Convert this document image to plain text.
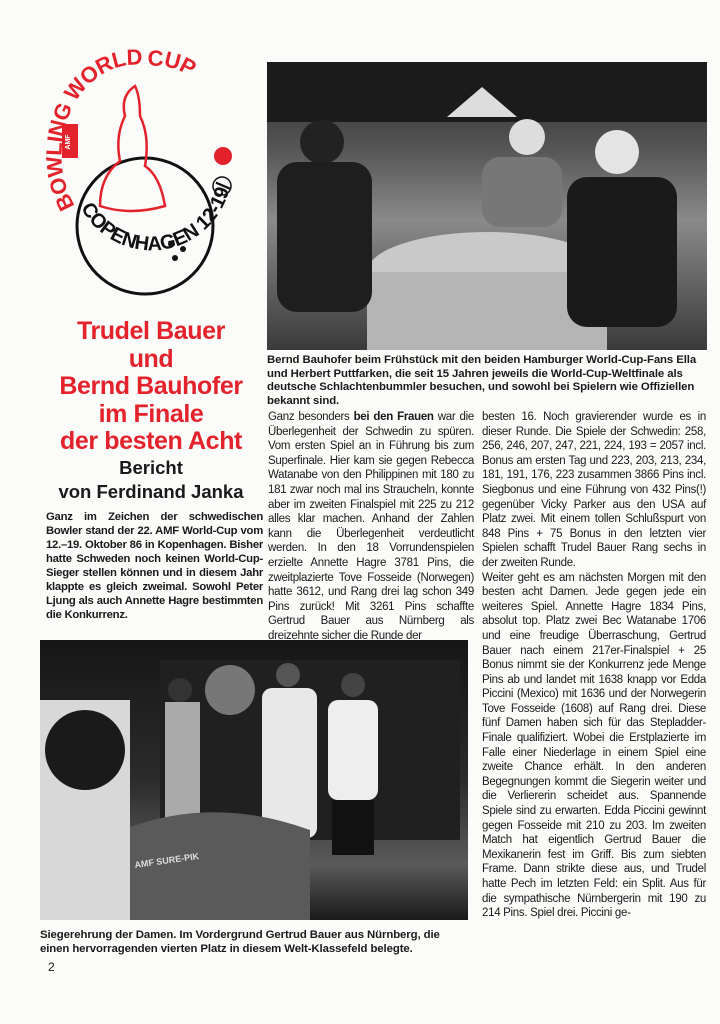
AMF
BOWLING WORLD CUP
COPENHAGEN 12-19/
Bernd Bauhofer beim Frühstück mit den beiden Hamburger World-Cup-Fans Ella und Herbert Puttfarken, die seit 15 Jahren jeweils die World-Cup-Weltfinale als deutsche Schlachtenbummler besuchen, und sowohl bei Spielern wie Offiziellen bekannt sind.
Trudel Bauer
und
Bernd Bauhofer
im Finale
der besten Acht
Bericht
von Ferdinand Janka
Ganz im Zeichen der schwedischen Bowler stand der 22. AMF World-Cup vom 12.–19. Oktober 86 in Kopenhagen. Bisher hatte Schweden noch keinen World-Cup-Sieger stellen können und in diesem Jahr klappte es gleich zweimal. Sowohl Peter Ljung als auch Annette Hagre bestimmten die Konkurrenz.
Ganz besonders bei den Frauen war die Überlegenheit der Schwedin zu spüren. Vom ersten Spiel an in Führung bis zum Superfinale. Hier kam sie gegen Rebecca Watanabe von den Philippinen mit 180 zu 181 zwar noch mal ins Straucheln, konnte aber im zweiten Finalspiel mit 225 zu 212 alles klar machen. Anhand der Zahlen kann die Überlegenheit verdeutlicht werden. In den 18 Vorrundenspielen erzielte Annette Hagre 3781 Pins, die zweitplazierte Tove Fosseide (Norwegen) hatte 3612, und Rang drei lag schon 349 Pins zurück! Mit 3261 Pins schaffte Gertrud Bauer aus Nürnberg als dreizehnte sicher die Runde der

besten 16. Noch gravierender wurde es in dieser Runde. Die Spiele der Schwedin: 258, 256, 246, 207, 247, 221, 224, 193 = 2057 incl. Bonus am ersten Tag und 223, 203, 213, 234, 181, 191, 176, 223 zusammen 3866 Pins incl. Siegbonus und eine Führung von 432 Pins(!) gegenüber Vicky Parker aus den USA auf Platz zwei. Mit einem tollen Schlußspurt von 848 Pins + 75 Bonus in den letzten vier Spielen schafft Trudel Bauer Rang sechs in der zweiten Runde.

Weiter geht es am nächsten Morgen mit den besten acht Damen. Jede gegen jede ein weiteres Spiel. Annette Hagre 1834 Pins, absolut top. Platz zwei Bec Watanabe 1706 und eine freudige Überraschung, Gertrud Bauer nach einem 217er-Finalspiel + 25 Bonus nimmt sie der Konkurrenz jede Menge Pins ab und landet mit 1638 knapp vor Edda Piccini (Mexico) mit 1636 und der Norwegerin Tove Fosseide (1608) auf Rang drei. Diese fünf Damen haben sich für das Stepladder-Finale qualifiziert. Wobei die Erstplazierte im Falle einer Niederlage in einem Spiel eine zweite Chance erhält. In den anderen Begegnungen kommt die Siegerin weiter und die Verliererin scheidet aus. Spannende Spiele sind zu erwarten. Edda Piccini gewinnt gegen Fosseide mit 210 zu 203. Im zweiten Match hat eigentlich Gertrud Bauer die Mexikanerin fest im Griff. Bis zum siebten Frame. Dann strikte diese aus, und Trudel hatte Pech im letzten Feld: ein Split. Aus für die sympathische Nürnbergerin mit 190 zu 214 Pins. Spiel drei. Piccini ge-

AMF SURE-PIK
Siegerehrung der Damen. Im Vordergrund Gertrud Bauer aus Nürnberg, die einen hervorragenden vierten Platz in diesem Welt-Klassefeld belegte.
2
